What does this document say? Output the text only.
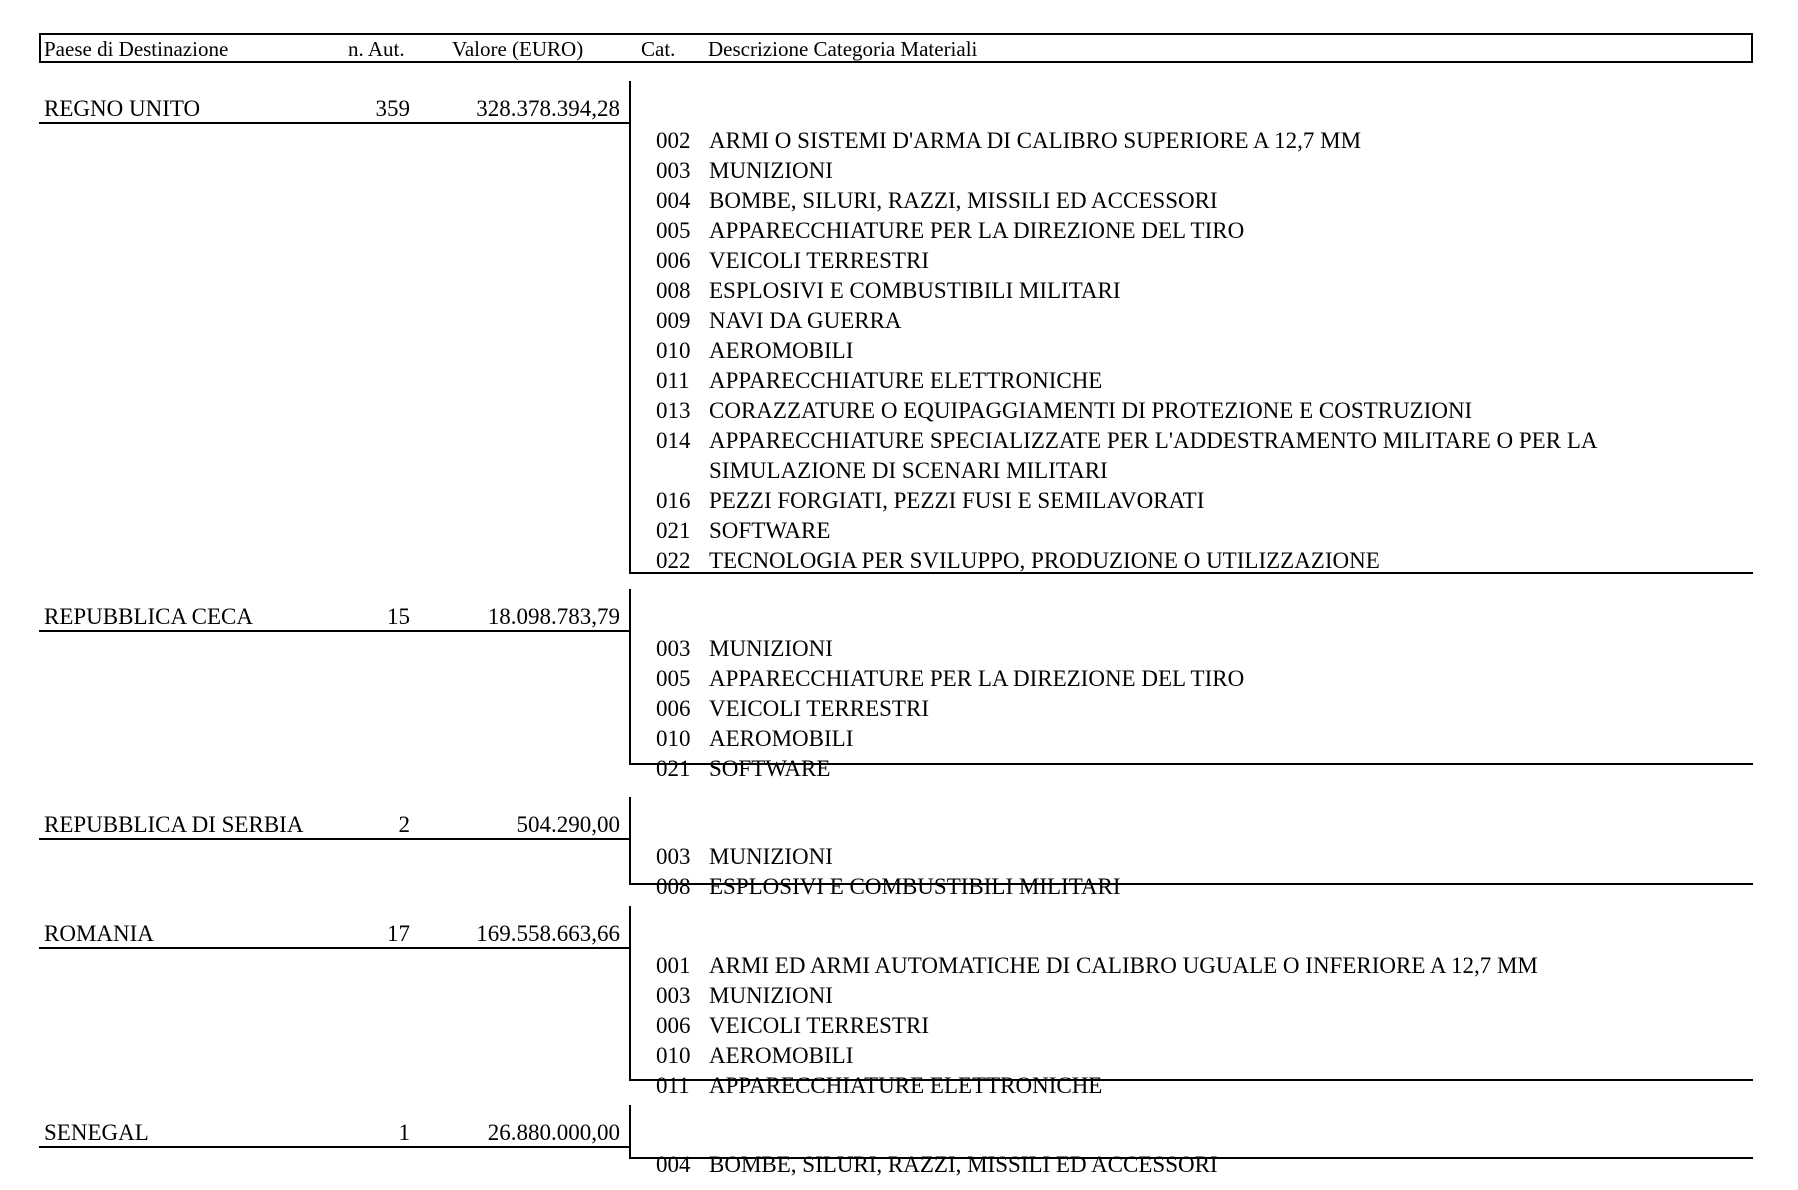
Paese di Destinazione	n. Aut. Valore (EURO)	Cat. Descrizione Categoria Materiali
REGNO UNITO	359	328.378.394,28
002 ARMI O SISTEMI D'ARMA DI CALIBRO SUPERIORE A 12,7 MM
003 MUNIZIONI
004 BOMBE, SILURI, RAZZI, MISSILI ED ACCESSORI
005 APPARECCHIATURE PER LA DIREZIONE DEL TIRO
006 VEICOLI TERRESTRI
008 ESPLOSIVI E COMBUSTIBILI MILITARI
009 NAVI DA GUERRA
010 AEROMOBILI
011 APPARECCHIATURE ELETTRONICHE
013 CORAZZATURE O EQUIPAGGIAMENTI DI PROTEZIONE E COSTRUZIONI
014 APPARECCHIATURE SPECIALIZZATE PER L'ADDESTRAMENTO MILITARE O PER LA SIMULAZIONE DI SCENARI MILITARI
016 PEZZI FORGIATI, PEZZI FUSI E SEMILAVORATI
021 SOFTWARE
022 TECNOLOGIA PER SVILUPPO, PRODUZIONE O UTILIZZAZIONE
REPUBBLICA CECA	15	18.098.783,79
003 MUNIZIONI
005 APPARECCHIATURE PER LA DIREZIONE DEL TIRO
006 VEICOLI TERRESTRI
010 AEROMOBILI
021 SOFTWARE
REPUBBLICA DI SERBIA	2	504.290,00
003 MUNIZIONI
008 ESPLOSIVI E COMBUSTIBILI MILITARI
ROMANIA	17	169.558.663,66
001 ARMI ED ARMI AUTOMATICHE DI CALIBRO UGUALE O INFERIORE A 12,7 MM
003 MUNIZIONI
006 VEICOLI TERRESTRI
010 AEROMOBILI
011 APPARECCHIATURE ELETTRONICHE
SENEGAL	1	26.880.000,00
004 BOMBE, SILURI, RAZZI, MISSILI ED ACCESSORI
